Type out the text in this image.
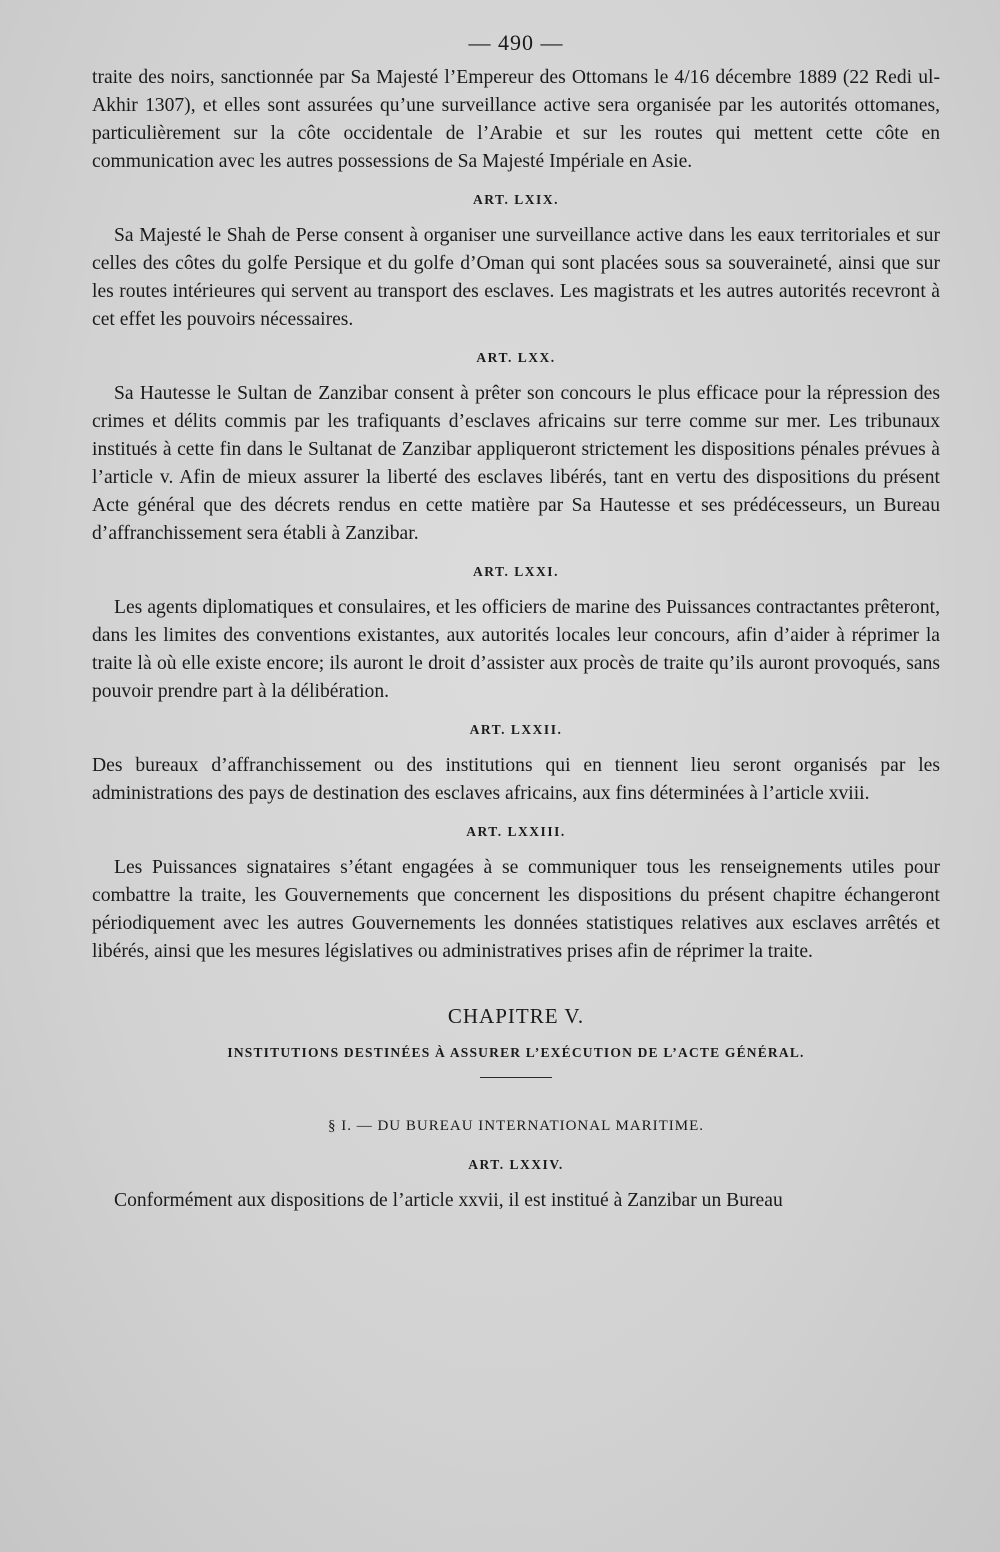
— 490 —

traite des noirs, sanctionnée par Sa Majesté l’Empereur des Ottomans le 4/16 décembre 1889 (22 Redi ul-Akhir 1307), et elles sont assurées qu’une surveillance active sera organisée par les autorités ottomanes, particulièrement sur la côte occidentale de l’Arabie et sur les routes qui mettent cette côte en communication avec les autres possessions de Sa Majesté Impériale en Asie.

ART. LXIX.

Sa Majesté le Shah de Perse consent à organiser une surveillance active dans les eaux territoriales et sur celles des côtes du golfe Persique et du golfe d’Oman qui sont placées sous sa souveraineté, ainsi que sur les routes intérieures qui servent au transport des esclaves. Les magistrats et les autres autorités recevront à cet effet les pouvoirs nécessaires.

ART. LXX.

Sa Hautesse le Sultan de Zanzibar consent à prêter son concours le plus efficace pour la répression des crimes et délits commis par les trafiquants d’esclaves africains sur terre comme sur mer. Les tribunaux institués à cette fin dans le Sultanat de Zanzibar appliqueront strictement les dispositions pénales prévues à l’article v. Afin de mieux assurer la liberté des esclaves libérés, tant en vertu des dispositions du présent Acte général que des décrets rendus en cette matière par Sa Hautesse et ses prédécesseurs, un Bureau d’affranchissement sera établi à Zanzibar.

ART. LXXI.

Les agents diplomatiques et consulaires, et les officiers de marine des Puissances contractantes prêteront, dans les limites des conventions existantes, aux autorités locales leur concours, afin d’aider à réprimer la traite là où elle existe encore; ils auront le droit d’assister aux procès de traite qu’ils auront provoqués, sans pouvoir prendre part à la délibération.

ART. LXXII.

Des bureaux d’affranchissement ou des institutions qui en tiennent lieu seront organisés par les administrations des pays de destination des esclaves africains, aux fins déterminées à l’article xviii.

ART. LXXIII.

Les Puissances signataires s’étant engagées à se communiquer tous les renseignements utiles pour combattre la traite, les Gouvernements que concernent les dispositions du présent chapitre échangeront périodiquement avec les autres Gouvernements les données statistiques relatives aux esclaves arrêtés et libérés, ainsi que les mesures législatives ou administratives prises afin de réprimer la traite.

CHAPITRE V.
INSTITUTIONS DESTINÉES À ASSURER L’EXÉCUTION DE L’ACTE GÉNÉRAL.
§ I. — DU BUREAU INTERNATIONAL MARITIME.
ART. LXXIV.

Conformément aux dispositions de l’article xxvii, il est institué à Zanzibar un Bureau
